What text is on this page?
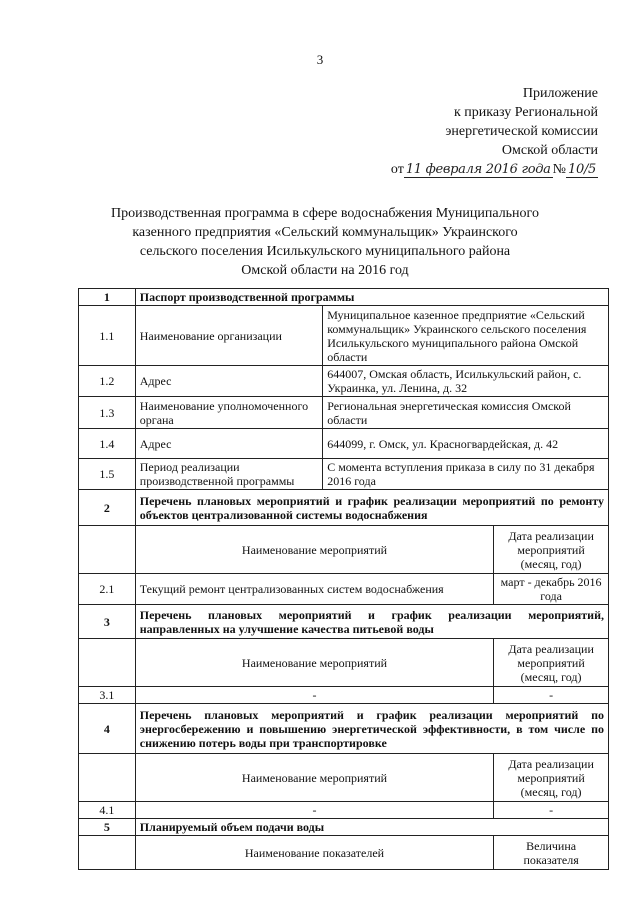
3
Приложение
к приказу Региональной
энергетической комиссии
Омской области
от 11 февраля 2016 года № 10/5
Производственная программа в сфере водоснабжения Муниципального
казенного предприятия «Сельский коммунальщик» Украинского
сельского поселения Исилькульского муниципального района
Омской области на 2016 год
1	Паспорт производственной программы		
1.1	Наименование организации	Муниципальное казенное предприятие «Сельский коммунальщик» Украинского сельского поселения Исилькульского муниципального района Омской области	
1.2	Адрес	644007, Омская область, Исилькульский район, с. Украинка, ул. Ленина, д. 32	
1.3	Наименование уполномоченного органа	Региональная энергетическая комиссия Омской области	
1.4	Адрес	644099, г. Омск, ул. Красногвардейская, д. 42	
1.5	Период реализации производственной программы	С момента вступления приказа в силу по 31 декабря 2016 года	
2	Перечень плановых мероприятий и график реализации мероприятий по ремонту объектов централизованной системы водоснабжения		
	Наименование мероприятий		Дата реализации мероприятий (месяц, год)
2.1	Текущий ремонт централизованных систем водоснабжения		март - декабрь 2016 года
3	Перечень плановых мероприятий и график реализации мероприятий, направленных на улучшение качества питьевой воды		
	Наименование мероприятий		Дата реализации мероприятий (месяц, год)
3.1	-		-
4	Перечень плановых мероприятий и график реализации мероприятий по энергосбережению и повышению энергетической эффективности, в том числе по снижению потерь воды при транспортировке		
	Наименование мероприятий		Дата реализации мероприятий (месяц, год)
4.1	-		-
5	Планируемый объем подачи воды		
	Наименование показателей		Величина показателя
